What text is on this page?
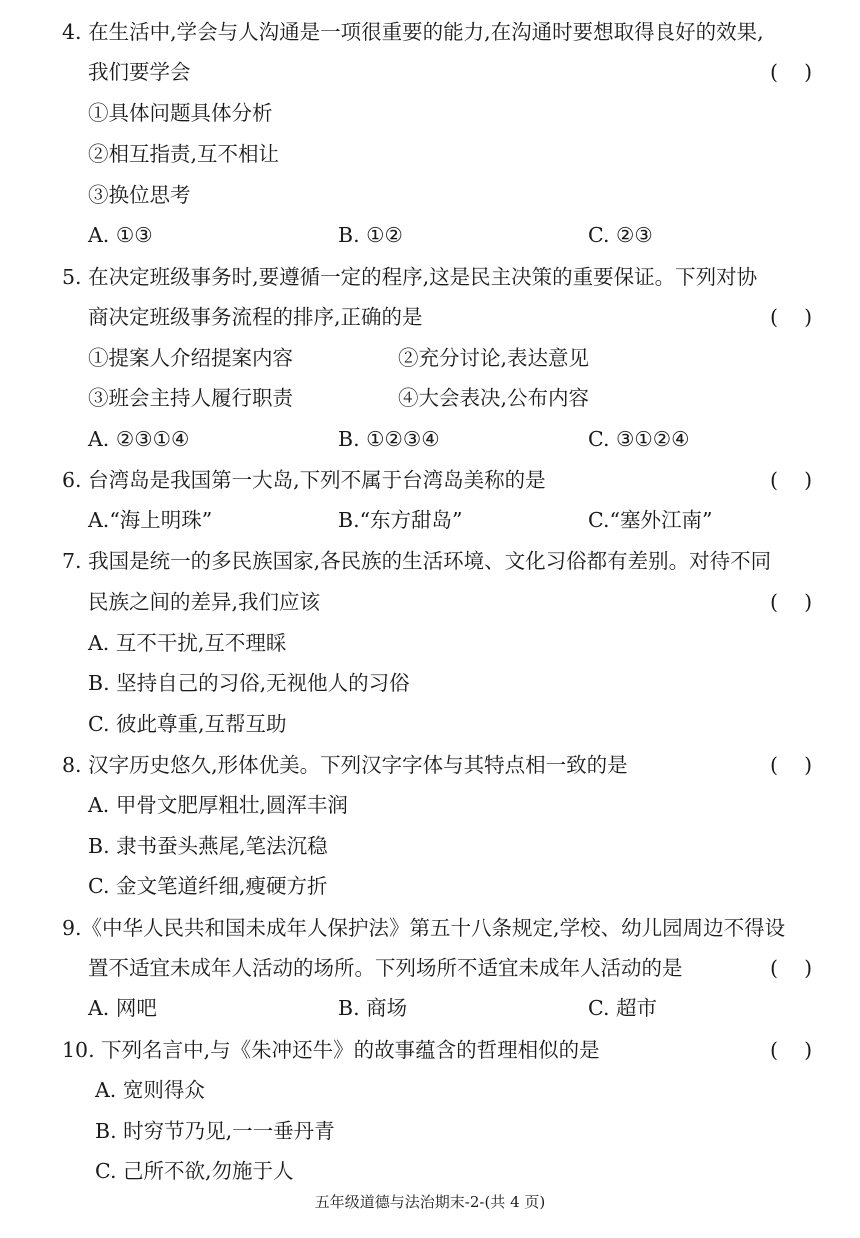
4. 在生活中,学会与人沟通是一项很重要的能力,在沟通时要想取得良好的效果,
我们要学会	(    )
①具体问题具体分析
②相互指责,互不相让
③换位思考
A. ①③	B. ①②	C. ②③
5. 在决定班级事务时,要遵循一定的程序,这是民主决策的重要保证。下列对协
商决定班级事务流程的排序,正确的是	(    )
①提案人介绍提案内容	②充分讨论,表达意见
③班会主持人履行职责	④大会表决,公布内容
A. ②③①④	B. ①②③④	C. ③①②④
6. 台湾岛是我国第一大岛,下列不属于台湾岛美称的是	(    )
A.“海上明珠”	B.“东方甜岛”	C.“塞外江南”
7. 我国是统一的多民族国家,各民族的生活环境、文化习俗都有差别。对待不同
民族之间的差异,我们应该	(    )
A. 互不干扰,互不理睬
B. 坚持自己的习俗,无视他人的习俗
C. 彼此尊重,互帮互助
8. 汉字历史悠久,形体优美。下列汉字字体与其特点相一致的是	(    )
A. 甲骨文肥厚粗壮,圆浑丰润
B. 隶书蚕头燕尾,笔法沉稳
C. 金文笔道纤细,瘦硬方折
9.《中华人民共和国未成年人保护法》第五十八条规定,学校、幼儿园周边不得设
置不适宜未成年人活动的场所。下列场所不适宜未成年人活动的是	(    )
A. 网吧	B. 商场	C. 超市
10. 下列名言中,与《朱冲还牛》的故事蕴含的哲理相似的是	(    )
A. 宽则得众
B. 时穷节乃见,一一垂丹青
C. 己所不欲,勿施于人
五年级道德与法治期末-2-(共 4 页)
